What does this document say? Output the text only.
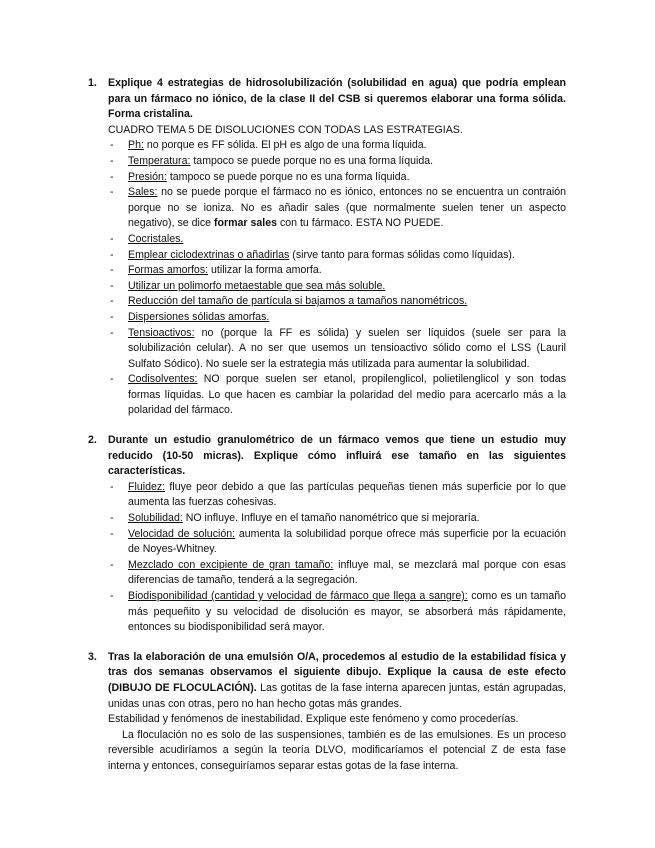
1.	Explique 4 estrategias de hidrosolubilización (solubilidad en agua) que podría emplean para un fármaco no iónico, de la clase II del CSB si queremos elaborar una forma sólida. Forma cristalina.
CUADRO TEMA 5 DE DISOLUCIONES CON TODAS LAS ESTRATEGIAS.
-	Ph: no porque es FF sólida. El pH es algo de una forma líquida.
-	Temperatura: tampoco se puede porque no es una forma líquida.
-	Presión: tampoco se puede porque no es una forma líquida.
-	Sales: no se puede porque el fármaco no es iónico, entonces no se encuentra un contraión porque no se ioniza. No es añadir sales (que normalmente suelen tener un aspecto negativo), se dice formar sales con tu fármaco. ESTA NO PUEDE.
-	Cocristales.
-	Emplear ciclodextrinas o añadirlas (sirve tanto para formas sólidas como líquidas).
-	Formas amorfos: utilizar la forma amorfa.
-	Utilizar un polimorfo metaestable que sea más soluble.
-	Reducción del tamaño de partícula si bajamos a tamaños nanométricos.
-	Dispersiones sólidas amorfas.
-	Tensioactivos: no (porque la FF es sólida) y suelen ser líquidos (suele ser para la solubilización celular). A no ser que usemos un tensioactivo sólido como el LSS (Lauril Sulfato Sódico). No suele ser la estrategia más utilizada para aumentar la solubilidad.
-	Codisolventes: NO porque suelen ser etanol, propilenglicol, polietilenglicol y son todas formas líquidas. Lo que hacen es cambiar la polaridad del medio para acercarlo más a la polaridad del fármaco.
2.	Durante un estudio granulométrico de un fármaco vemos que tiene un estudio muy reducido (10-50 micras). Explique cómo influirá ese tamaño en las siguientes características.
-	Fluidez: fluye peor debido a que las partículas pequeñas tienen más superficie por lo que aumenta las fuerzas cohesivas.
-	Solubilidad: NO influye. Influye en el tamaño nanométrico que si mejoraría.
-	Velocidad de solución: aumenta la solubilidad porque ofrece más superficie por la ecuación de Noyes-Whitney.
-	Mezclado con excipiente de gran tamaño: influye mal, se mezclará mal porque con esas diferencias de tamaño, tenderá a la segregación.
-	Biodisponibilidad (cantidad y velocidad de fármaco que llega a sangre): como es un tamaño más pequeñito y su velocidad de disolución es mayor, se absorberá más rápidamente, entonces su biodisponibilidad será mayor.
3.	Tras la elaboración de una emulsión O/A, procedemos al estudio de la estabilidad física y tras dos semanas observamos el siguiente dibujo. Explique la causa de este efecto (DIBUJO DE FLOCULACIÓN). Las gotitas de la fase interna aparecen juntas, están agrupadas, unidas unas con otras, pero no han hecho gotas más grandes.
Estabilidad y fenómenos de inestabilidad. Explique este fenómeno y como procederías.
La floculación no es solo de las suspensiones, también es de las emulsiones. Es un proceso reversible acudiríamos a según la teoría DLVO, modificaríamos el potencial Z de esta fase interna y entonces, conseguiríamos separar estas gotas de la fase interna.
